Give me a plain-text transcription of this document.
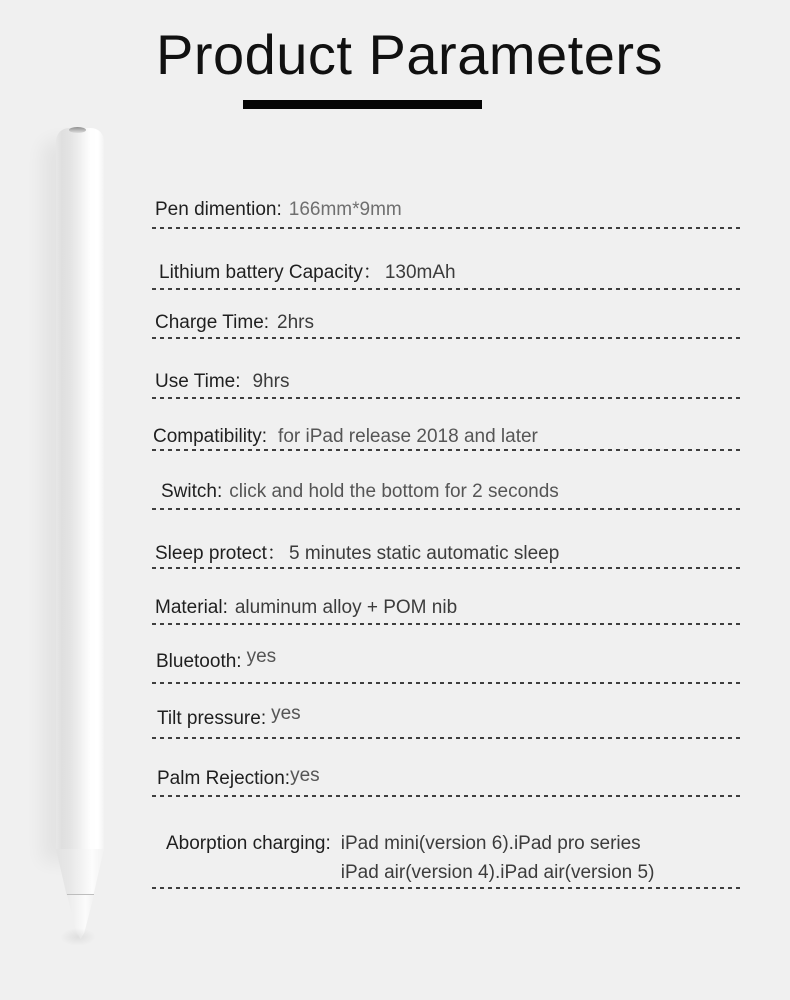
Product Parameters
Pen dimention: 166mm*9mm
Lithium battery Capacity： 130mAh
Charge Time: 2hrs
Use Time: 9hrs
Compatibility: for iPad release 2018 and later
Switch: click and hold the bottom for 2 seconds
Sleep protect： 5 minutes static automatic sleep
Material: aluminum alloy + POM nib
Bluetooth: yes
Tilt pressure: yes
Palm Rejection:yes
Aborption charging: iPad mini(version 6).iPad pro series
iPad air(version 4).iPad air(version 5)
